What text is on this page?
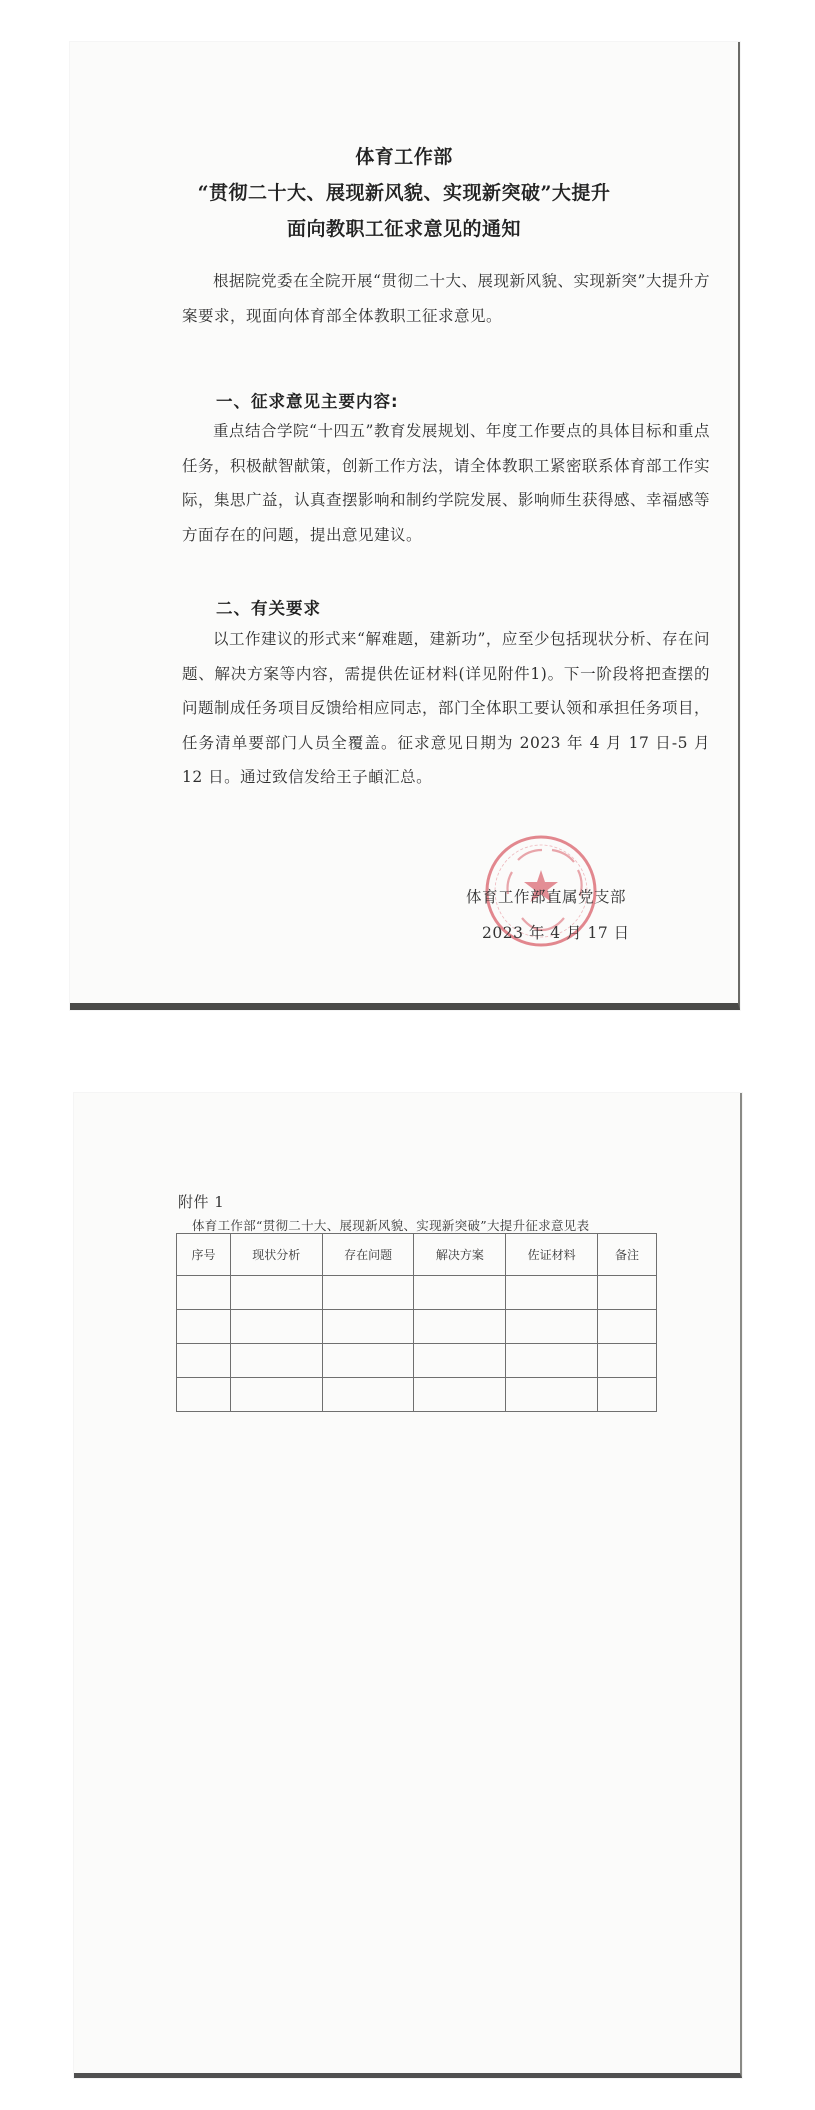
体育工作部
“贯彻二十大、展现新风貌、实现新突破”大提升
面向教职工征求意见的通知

根据院党委在全院开展“贯彻二十大、展现新风貌、实现新突”大提升方案要求，现面向体育部全体教职工征求意见。

一、征求意见主要内容:

重点结合学院“十四五”教育发展规划、年度工作要点的具体目标和重点任务，积极献智献策，创新工作方法，请全体教职工紧密联系体育部工作实际，集思广益，认真查摆影响和制约学院发展、影响师生获得感、幸福感等方面存在的问题，提出意见建议。

二、有关要求

以工作建议的形式来“解难题，建新功”，应至少包括现状分析、存在问题、解决方案等内容，需提供佐证材料(详见附件1)。下一阶段将把查摆的问题制成任务项目反馈给相应同志，部门全体职工要认领和承担任务项目，任务清单要部门人员全覆盖。征求意见日期为 2023 年 4 月 17 日-5 月 12 日。通过致信发给王子頔汇总。

体育工作部直属党支部
2023 年 4 月 17 日
附件 1
体育工作部“贯彻二十大、展现新风貌、实现新突破”大提升征求意见表
序号	现状分析	存在问题	解决方案	佐证材料	备注
